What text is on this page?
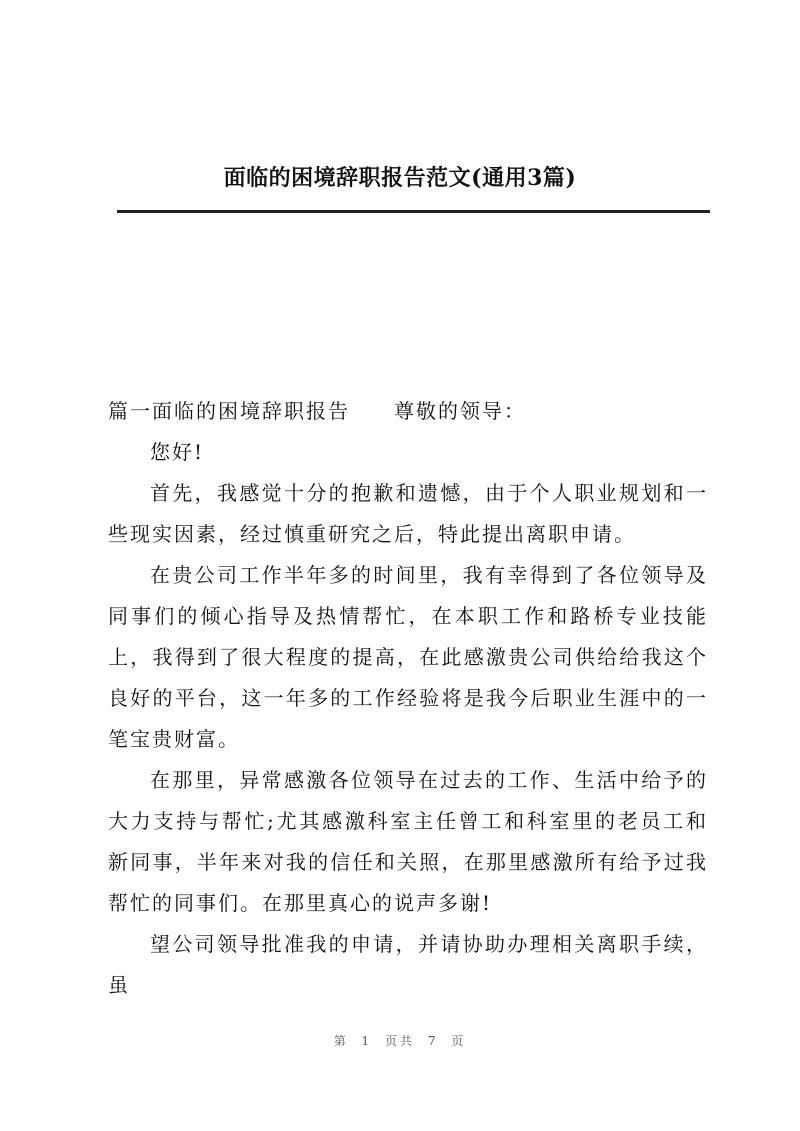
面临的困境辞职报告范文(通用3篇)

篇一面临的困境辞职报告 尊敬的领导：

您好!

首先，我感觉十分的抱歉和遗憾，由于个人职业规划和一些现实因素，经过慎重研究之后，特此提出离职申请。

在贵公司工作半年多的时间里，我有幸得到了各位领导及同事们的倾心指导及热情帮忙，在本职工作和路桥专业技能上，我得到了很大程度的提高，在此感激贵公司供给给我这个良好的平台，这一年多的工作经验将是我今后职业生涯中的一笔宝贵财富。

在那里，异常感激各位领导在过去的工作、生活中给予的大力支持与帮忙;尤其感激科室主任曾工和科室里的老员工和新同事，半年来对我的信任和关照，在那里感激所有给予过我帮忙的同事们。在那里真心的说声多谢!

望公司领导批准我的申请，并请协助办理相关离职手续，虽

第 1 页共 7 页
